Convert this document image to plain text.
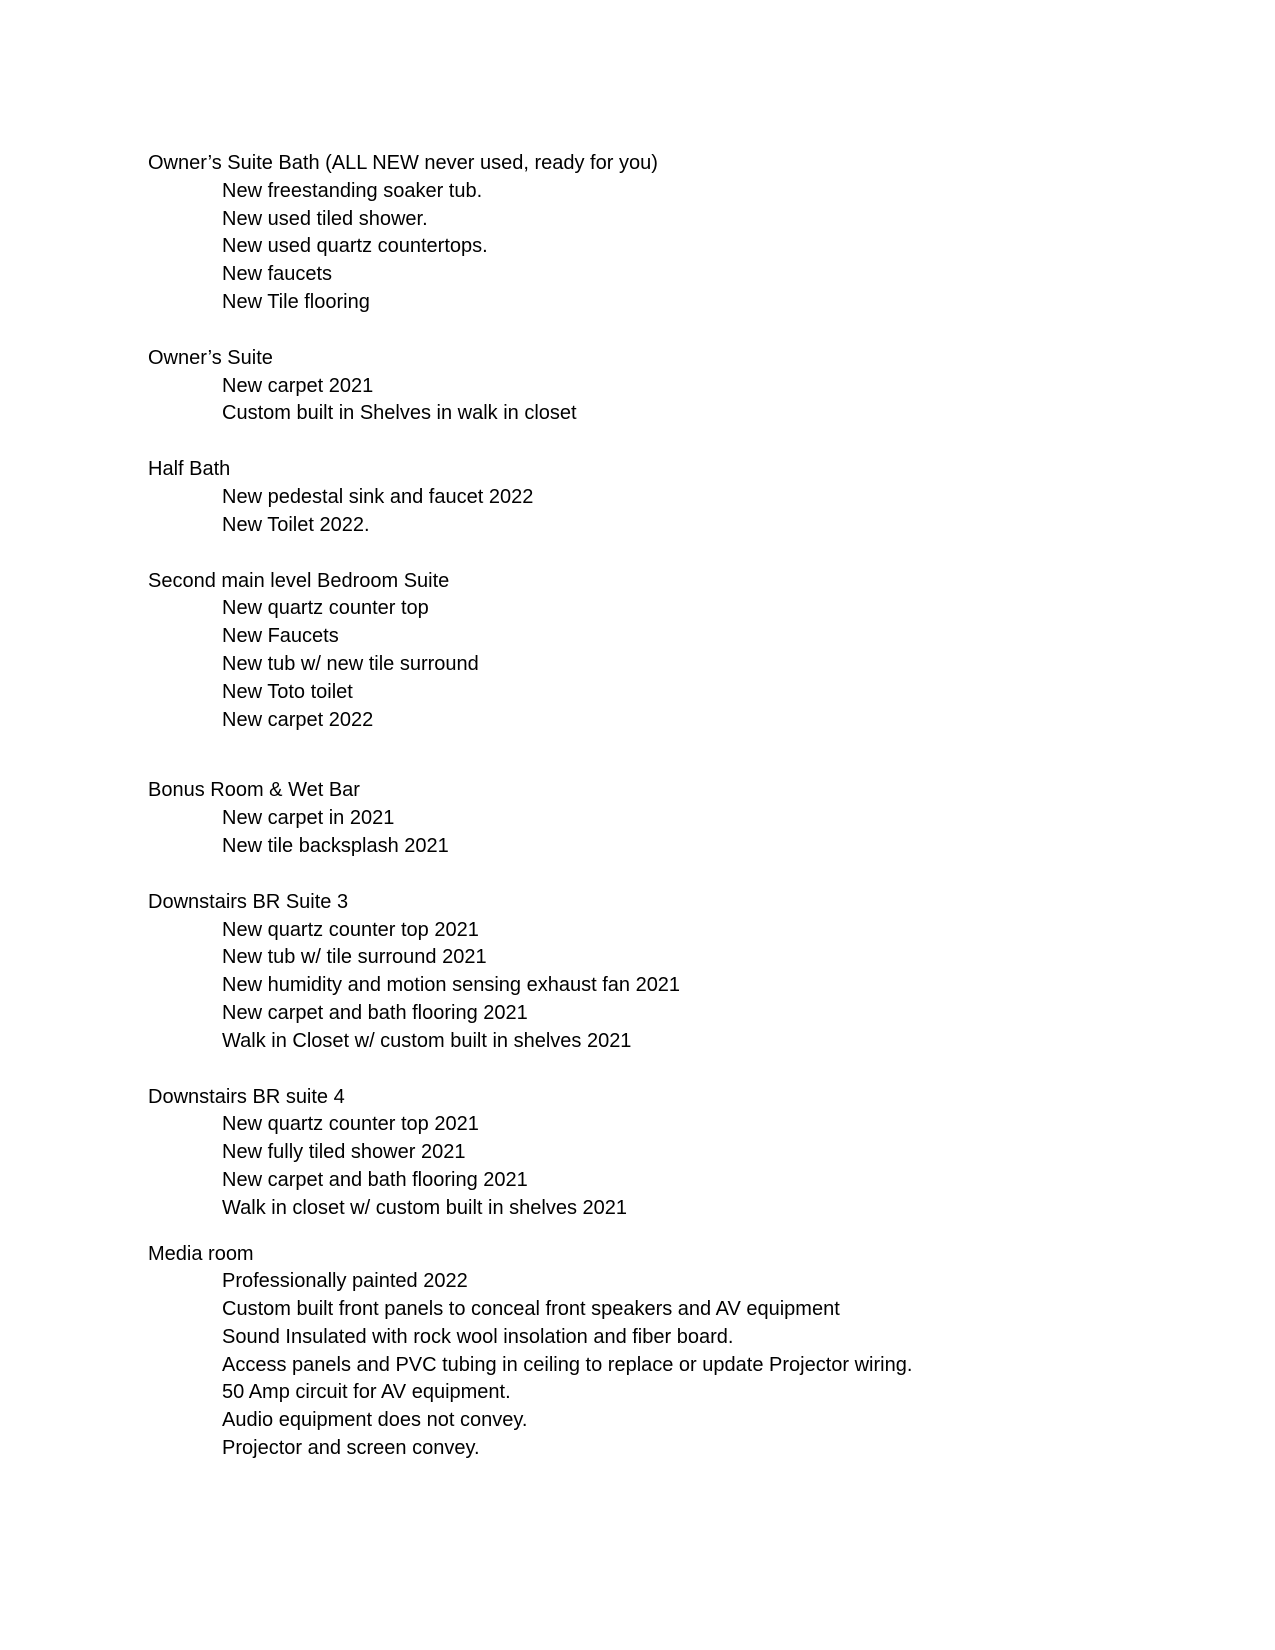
Owner’s Suite Bath (ALL NEW never used, ready for you)
New freestanding soaker tub.
New used tiled shower.
New used quartz countertops.
New faucets
New Tile flooring
Owner’s Suite
New carpet 2021
Custom built in Shelves in walk in closet
Half Bath
New pedestal sink and faucet 2022
New Toilet 2022.
Second main level Bedroom Suite
New quartz counter top
New Faucets
New tub w/ new tile surround
New Toto toilet
New carpet 2022
Bonus Room & Wet Bar
New carpet in 2021
New tile backsplash 2021
Downstairs BR Suite 3
New quartz counter top 2021
New tub w/ tile surround 2021
New humidity and motion sensing exhaust fan 2021
New carpet and bath flooring 2021
Walk in Closet w/ custom built in shelves 2021
Downstairs BR suite 4
New quartz counter top 2021
New fully tiled shower 2021
New carpet and bath flooring 2021
Walk in closet w/ custom built in shelves 2021
Media room
Professionally painted 2022
Custom built front panels to conceal front speakers and AV equipment
Sound Insulated with rock wool insolation and fiber board.
Access panels and PVC tubing in ceiling to replace or update Projector wiring.
50 Amp circuit for AV equipment.
Audio equipment does not convey.
Projector and screen convey.
